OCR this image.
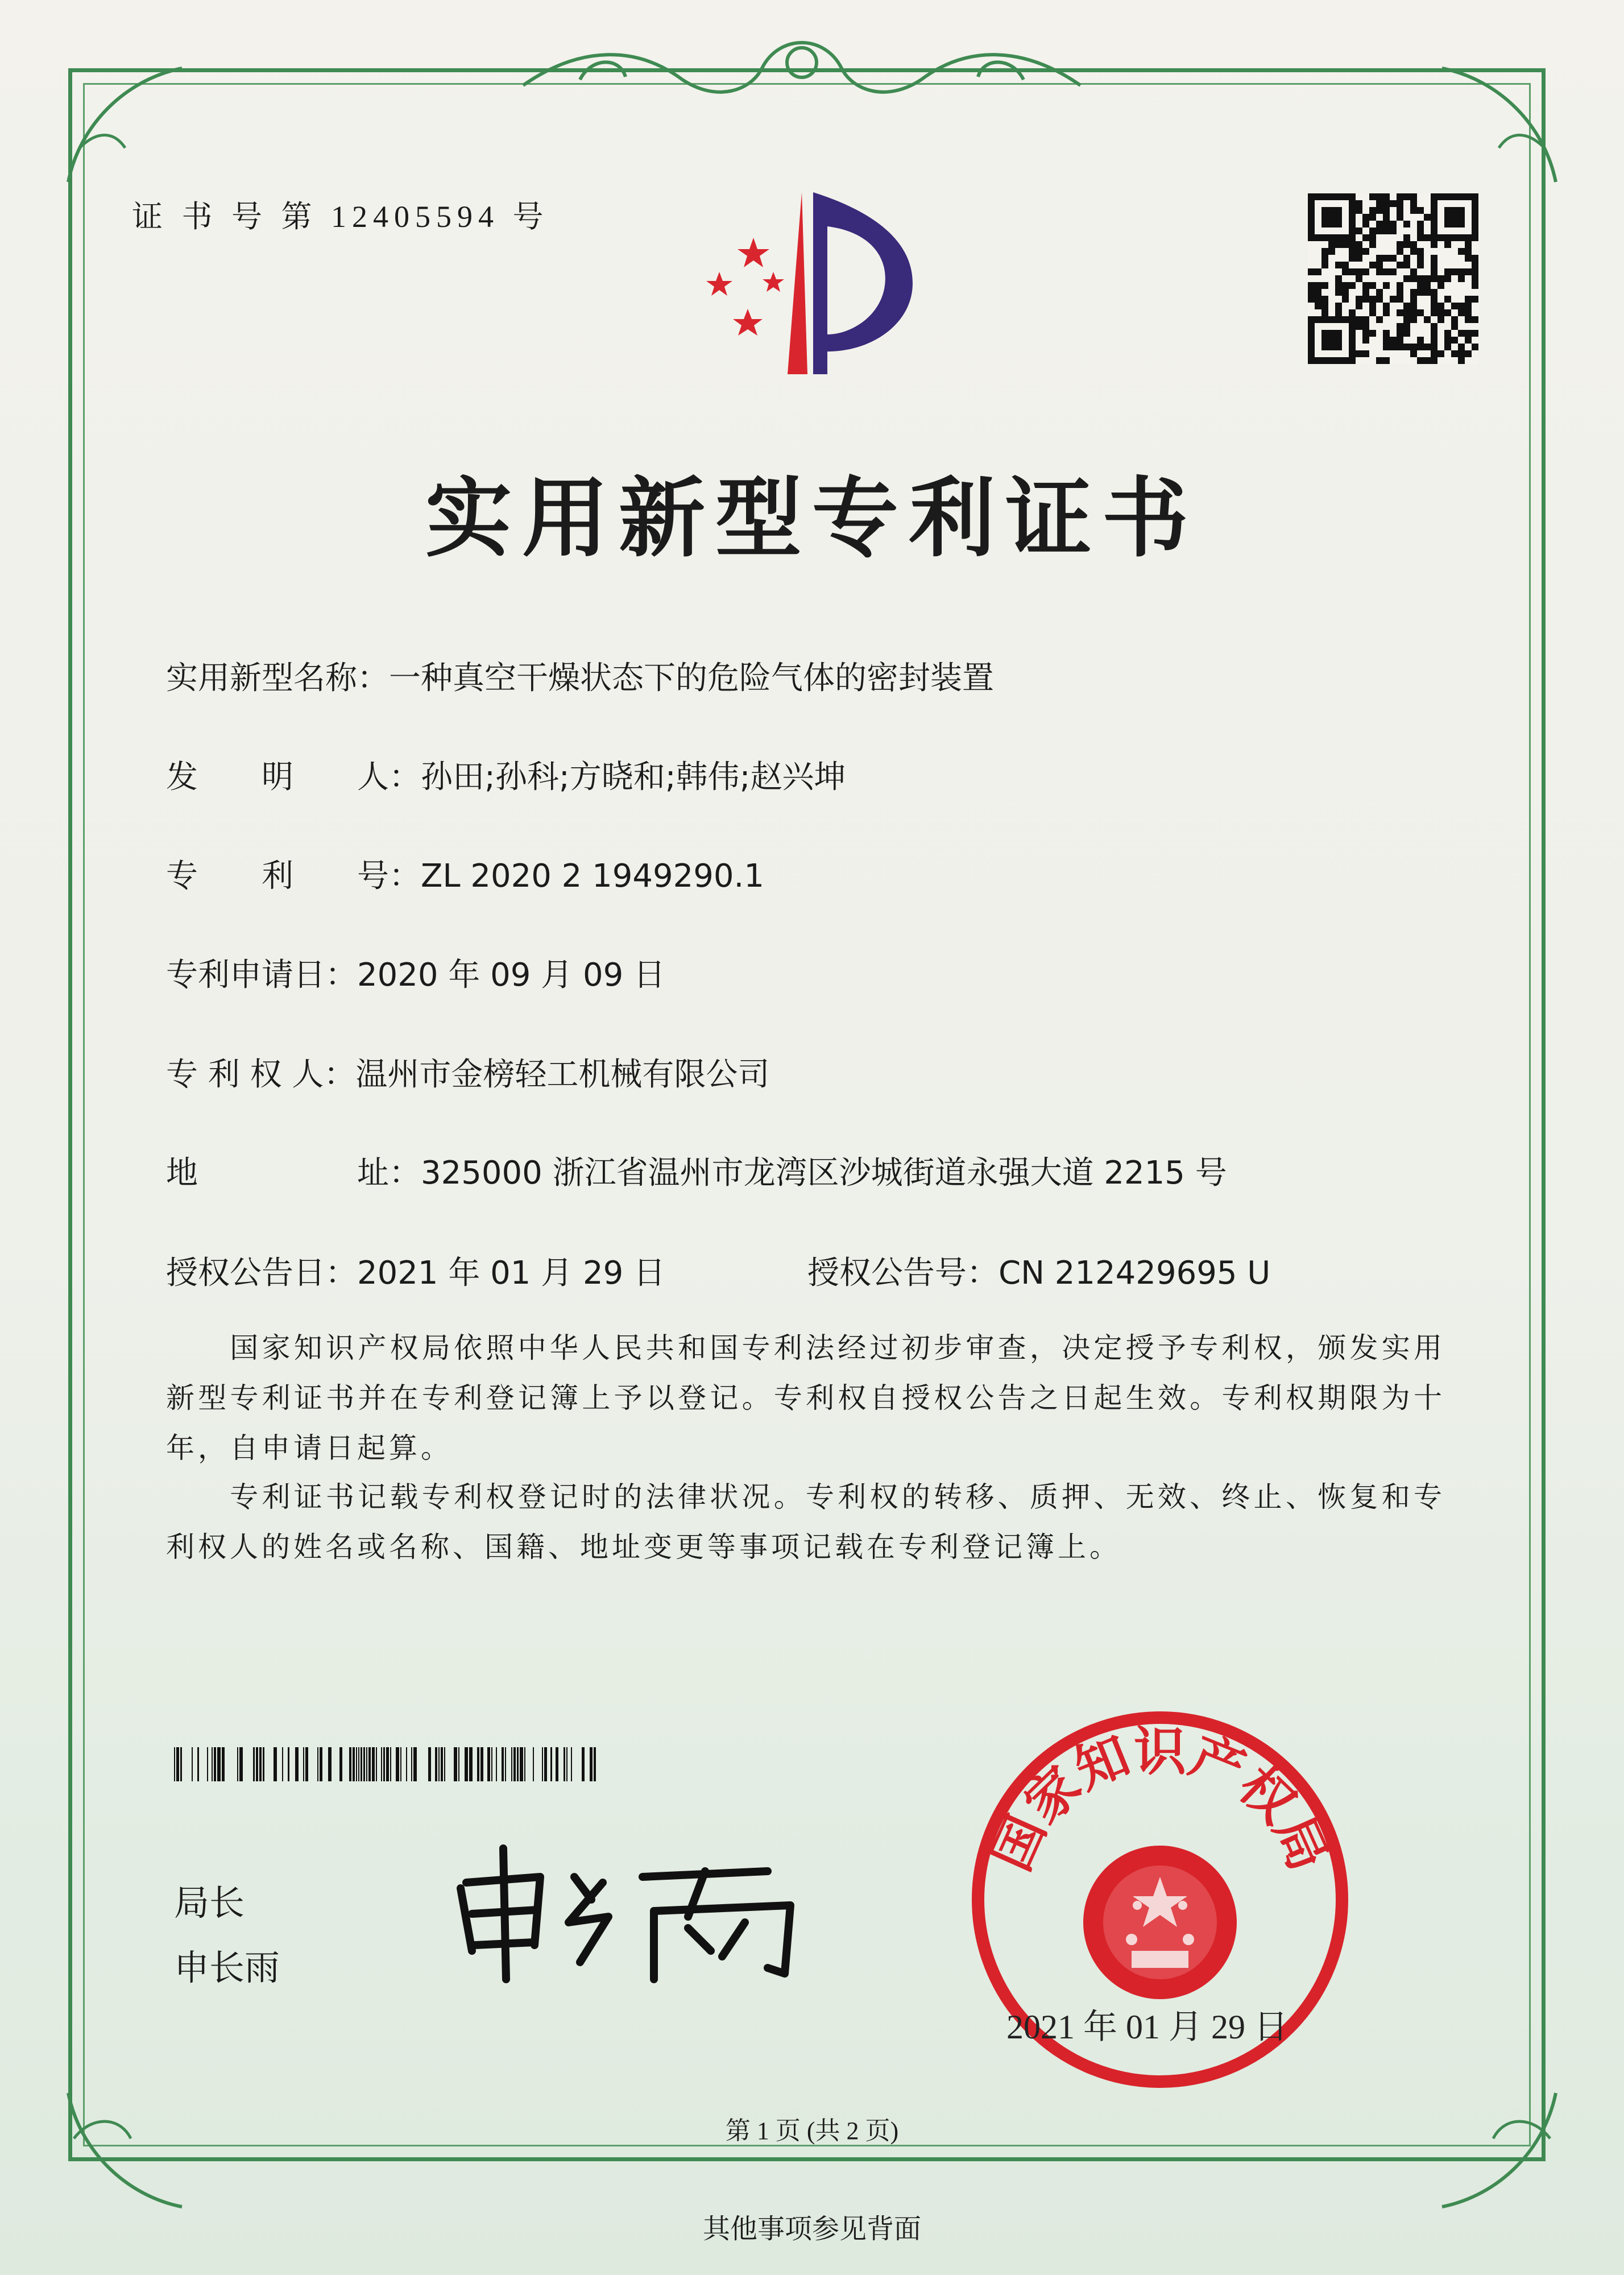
证 书 号 第 12405594 号
实用新型专利证书
实用新型名称：一种真空干燥状态下的危险气体的密封装置
发　　明　　人：孙田;孙科;方晓和;韩伟;赵兴坤
专　　利　　号：ZL 2020 2 1949290.1
专利申请日：2020 年 09 月 09 日
专 利 权 人：温州市金榜轻工机械有限公司
地　　　　　址：325000 浙江省温州市龙湾区沙城街道永强大道 2215 号
授权公告日：2021 年 01 月 29 日	授权公告号：CN 212429695 U
国家知识产权局依照中华人民共和国专利法经过初步审查，决定授予专利权，颁发实用新型专利证书并在专利登记簿上予以登记。专利权自授权公告之日起生效。专利权期限为十年，自申请日起算。
专利证书记载专利权登记时的法律状况。专利权的转移、质押、无效、终止、恢复和专利权人的姓名或名称、国籍、地址变更等事项记载在专利登记簿上。
局长
申长雨
国家知识产权局
2021 年 01 月 29 日
第 1 页 (共 2 页)
其他事项参见背面
